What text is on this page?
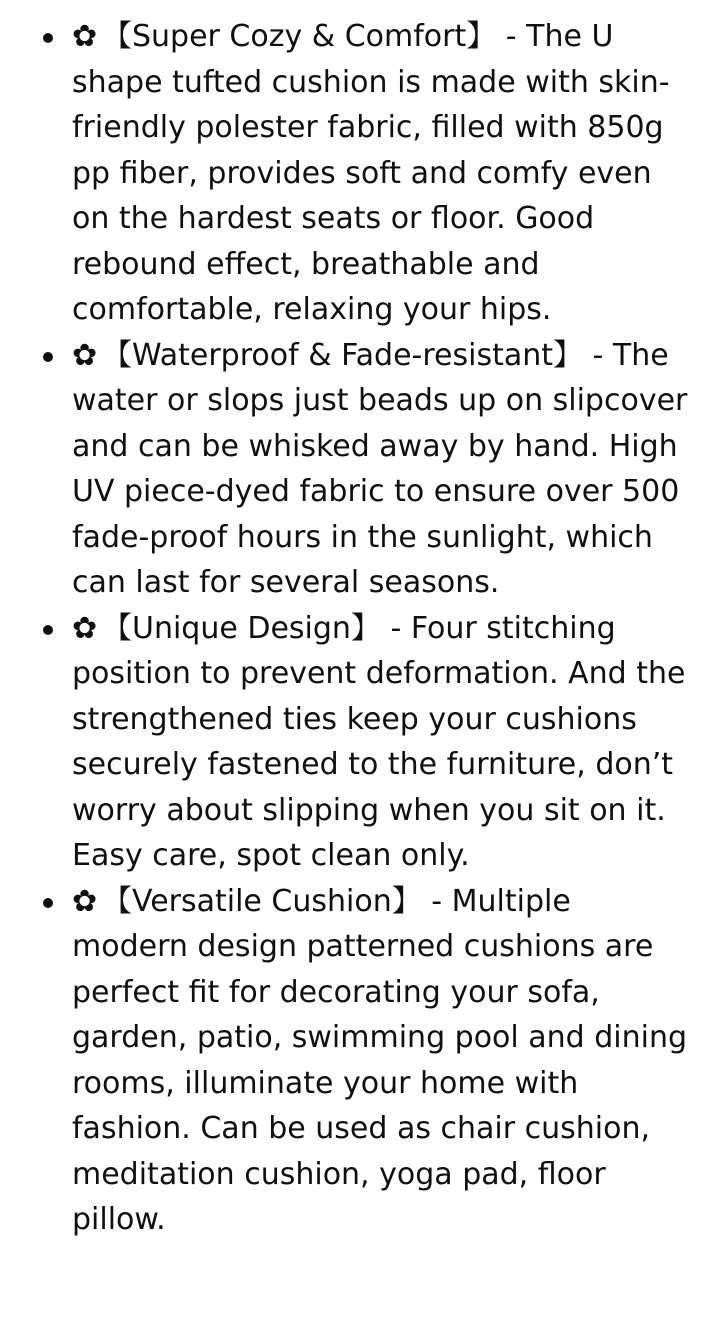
✿ 【Super Cozy & Comfort】 - The U shape tufted cushion is made with skin-friendly polester fabric, filled with 850g pp fiber, provides soft and comfy even on the hardest seats or floor. Good rebound effect, breathable and comfortable, relaxing your hips.
✿ 【Waterproof & Fade-resistant】 - The water or slops just beads up on slipcover and can be whisked away by hand. High UV piece-dyed fabric to ensure over 500 fade-proof hours in the sunlight, which can last for several seasons.
✿ 【Unique Design】 - Four stitching position to prevent deformation. And the strengthened ties keep your cushions securely fastened to the furniture, don’t worry about slipping when you sit on it. Easy care, spot clean only.
✿ 【Versatile Cushion】 - Multiple modern design patterned cushions are perfect fit for decorating your sofa, garden, patio, swimming pool and dining rooms, illuminate your home with fashion. Can be used as chair cushion, meditation cushion, yoga pad, floor pillow.
